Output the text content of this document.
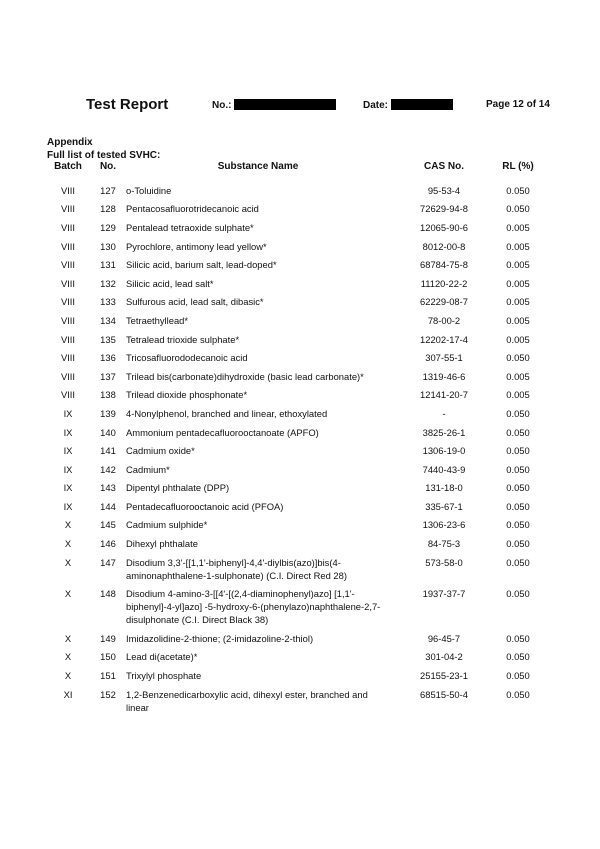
Test Report	No.:	Date:	Page 12 of 14
Appendix
Full list of tested SVHC:
Batch	No.	Substance Name	CAS No.	RL (%)
VIII	127	o-Toluidine	95-53-4	0.050
VIII	128	Pentacosafluorotridecanoic acid	72629-94-8	0.050
VIII	129	Pentalead tetraoxide sulphate*	12065-90-6	0.005
VIII	130	Pyrochlore, antimony lead yellow*	8012-00-8	0.005
VIII	131	Silicic acid, barium salt, lead-doped*	68784-75-8	0.005
VIII	132	Silicic acid, lead salt*	11120-22-2	0.005
VIII	133	Sulfurous acid, lead salt, dibasic*	62229-08-7	0.005
VIII	134	Tetraethyllead*	78-00-2	0.005
VIII	135	Tetralead trioxide sulphate*	12202-17-4	0.005
VIII	136	Tricosafluorododecanoic acid	307-55-1	0.050
VIII	137	Trilead bis(carbonate)dihydroxide (basic lead carbonate)*	1319-46-6	0.005
VIII	138	Trilead dioxide phosphonate*	12141-20-7	0.005
IX	139	4-Nonylphenol, branched and linear, ethoxylated	-	0.050
IX	140	Ammonium pentadecafluorooctanoate (APFO)	3825-26-1	0.050
IX	141	Cadmium oxide*	1306-19-0	0.050
IX	142	Cadmium*	7440-43-9	0.050
IX	143	Dipentyl phthalate (DPP)	131-18-0	0.050
IX	144	Pentadecafluorooctanoic acid (PFOA)	335-67-1	0.050
X	145	Cadmium sulphide*	1306-23-6	0.050
X	146	Dihexyl phthalate	84-75-3	0.050
X	147	Disodium 3,3'-[[1,1'-biphenyl]-4,4'-diylbis(azo)]bis(4-aminonaphthalene-1-sulphonate) (C.I. Direct Red 28)	573-58-0	0.050
X	148	Disodium 4-amino-3-[[4'-[(2,4-diaminophenyl)azo] [1,1'-biphenyl]-4-yl]azo] -5-hydroxy-6-(phenylazo)naphthalene-2,7-disulphonate (C.I. Direct Black 38)	1937-37-7	0.050
X	149	Imidazolidine-2-thione; (2-imidazoline-2-thiol)	96-45-7	0.050
X	150	Lead di(acetate)*	301-04-2	0.050
X	151	Trixylyl phosphate	25155-23-1	0.050
XI	152	1,2-Benzenedicarboxylic acid, dihexyl ester, branched and linear	68515-50-4	0.050
